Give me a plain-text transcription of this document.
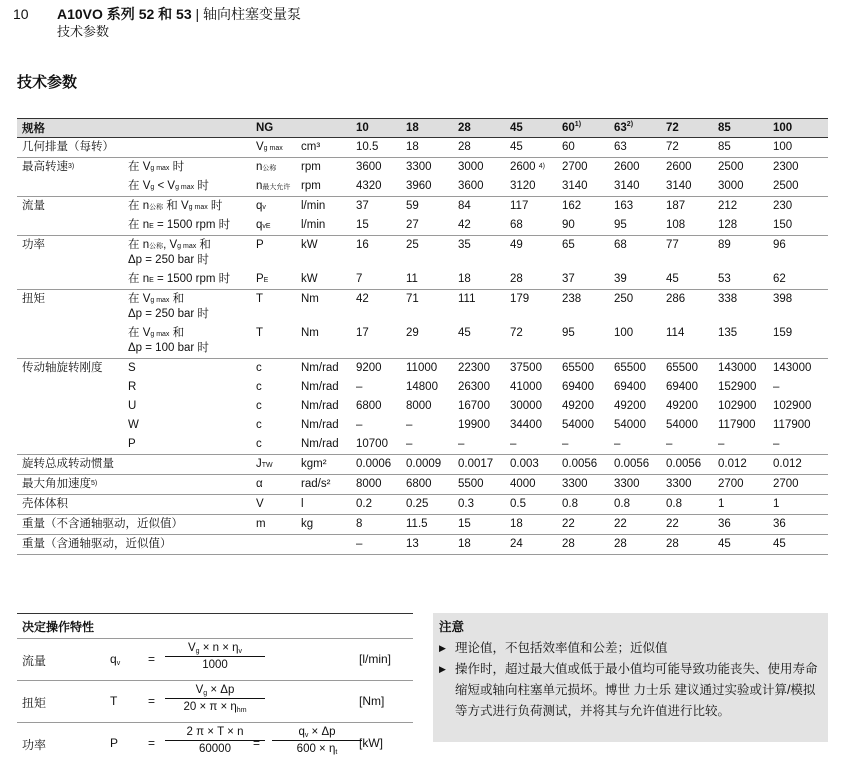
10 A10VO 系列 52 和 53 | 轴向柱塞变量泵
技术参数
技术参数
规格		NG		10	18	28	45	60$^{1)}$	63$^{2)}$	72	85	100
几何排量（每转）		$V_{g max}$	cm³	10.5	18	28	45	60	63	72	85	100
最高转速$^{3)}$	在 $V_{g max}$ 时	$n_{公称}$	rpm	3600	3300	3000	2600 $^{4)}$	2700	2600	2600	2500	2300
	在 $V_g < V_{g max}$ 时	$n_{最大允许}$	rpm	4320	3960	3600	3120	3140	3140	3140	3000	2500
流量	在 $n_{公称}$ 和 $V_{g max}$ 时	$q_v$	l/min	37	59	84	117	162	163	187	212	230
	在 $n_E = 1500$ rpm 时	$q_{vE}$	l/min	15	27	42	68	90	95	108	128	150
功率	在 $n_{公称}$, $V_{g max}$ 和
Δp = 250 bar 时	P	kW	16	25	35	49	65	68	77	89	96
	在 $n_E = 1500$ rpm 时	$P_E$	kW	7	11	18	28	37	39	45	53	62
扭矩	在 $V_{g max}$ 和
Δp = 250 bar 时	T	Nm	42	71	111	179	238	250	286	338	398
	在 $V_{g max}$ 和
Δp = 100 bar 时	T	Nm	17	29	45	72	95	100	114	135	159
传动轴旋转刚度	S	c	Nm/rad	9200	11000	22300	37500	65500	65500	65500	143000	143000
	R	c	Nm/rad	–	14800	26300	41000	69400	69400	69400	152900	–
	U	c	Nm/rad	6800	8000	16700	30000	49200	49200	49200	102900	102900
	W	c	Nm/rad	–	–	19900	34400	54000	54000	54000	117900	117900
	P	c	Nm/rad	10700	–	–	–	–	–	–	–	–
旋转总成转动惯量		$J_{TW}$	kgm²	0.0006	0.0009	0.0017	0.003	0.0056	0.0056	0.0056	0.012	0.012
最大角加速度$^{5)}$		α	rad/s²	8000	6800	5500	4000	3300	3300	3300	2700	2700
壳体体积		V	l	0.2	0.25	0.3	0.5	0.8	0.8	0.8	1	1
重量（不含通轴驱动，近似值）		m	kg	8	11.5	15	18	22	22	22	36	36
重量（含通轴驱动，近似值）				–	13	18	24	28	28	28	45	45
决定操作特性
流量	$q_v = \frac{V_g \times n \times \eta_v}{1000}$	[l/min]
扭矩	T	=
$V_g \times \Delta p$
$20 \times \pi \times \eta_{hm}$
[Nm]
功率	$P = \frac{2 \pi \times T \times n}{60000}$
= $\frac{q_v \times \Delta p}{600 \times \eta_t}$
[kW]
注意
▶ 理论值，不包括效率值和公差；近似值
▶ 操作时，超过最大值或低于最小值均可能导致功能丧失、使用寿命缩短或轴向柱塞单元损坏。博世 力士乐 建议通过实验或计算/模拟等方式进行负荷测试，并将其与允许值进行比较。
